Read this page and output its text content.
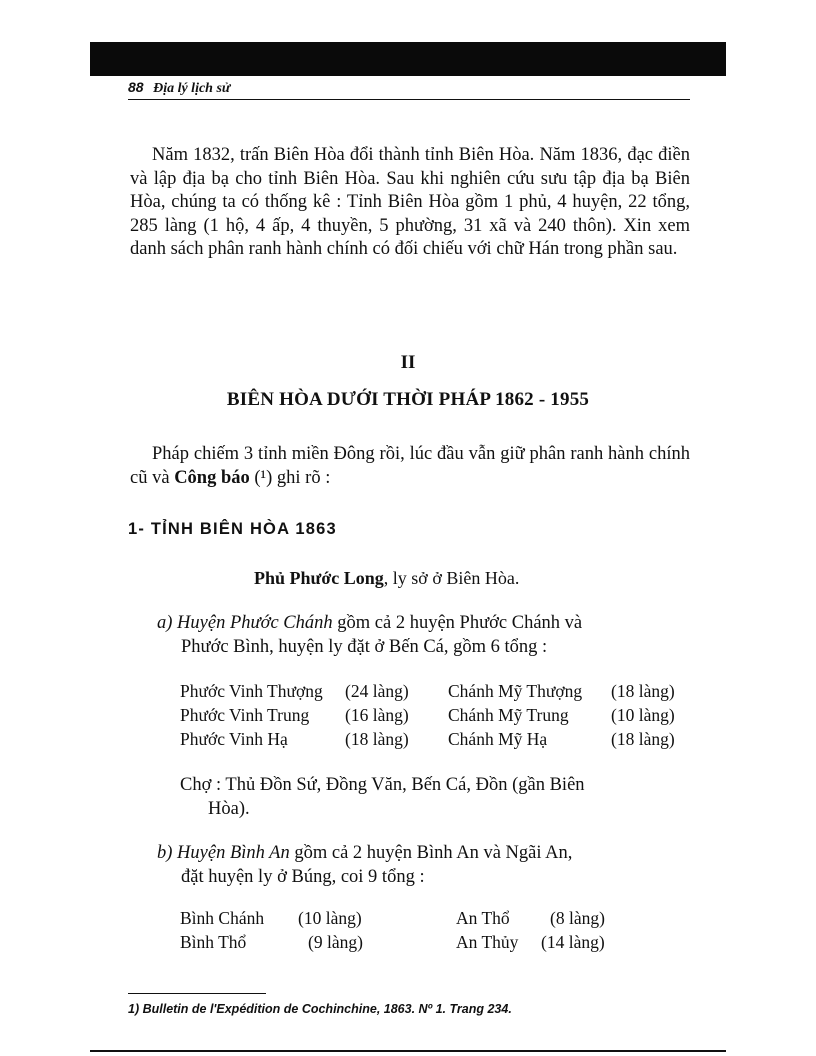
88 Địa lý lịch sử
Năm 1832, trấn Biên Hòa đổi thành tỉnh Biên Hòa. Năm 1836, đạc điền và lập địa bạ cho tỉnh Biên Hòa. Sau khi nghiên cứu sưu tập địa bạ Biên Hòa, chúng ta có thống kê : Tỉnh Biên Hòa gồm 1 phủ, 4 huyện, 22 tổng, 285 làng (1 hộ, 4 ấp, 4 thuyền, 5 phường, 31 xã và 240 thôn). Xin xem danh sách phân ranh hành chính có đối chiếu với chữ Hán trong phần sau.
II
BIÊN HÒA DƯỚI THỜI PHÁP 1862 - 1955
Pháp chiếm 3 tỉnh miền Đông rồi, lúc đầu vẫn giữ phân ranh hành chính cũ và Công báo (¹) ghi rõ :
1- TỈNH BIÊN HÒA 1863
Phủ Phước Long, ly sở ở Biên Hòa.
a) Huyện Phước Chánh gồm cả 2 huyện Phước Chánh và
Phước Bình, huyện ly đặt ở Bến Cá, gồm 6 tổng :
Phước Vinh Thượng (24 làng) Chánh Mỹ Thượng (18 làng)
Phước Vinh Trung (16 làng) Chánh Mỹ Trung (10 làng)
Phước Vinh Hạ	(18 làng) Chánh Mỹ Hạ	(18 làng)
Chợ : Thủ Đồn Sứ, Đồng Văn, Bến Cá, Đồn (gần Biên
Hòa).
b) Huyện Bình An gồm cả 2 huyện Bình An và Ngãi An,
đặt huyện ly ở Búng, coi 9 tổng :
Bình Chánh (10 làng)	An Thổ (8 làng)
Bình Thổ	(9 làng)	An Thủy (14 làng)
1) Bulletin de l'Expédition de Cochinchine, 1863. Nº 1. Trang 234.
